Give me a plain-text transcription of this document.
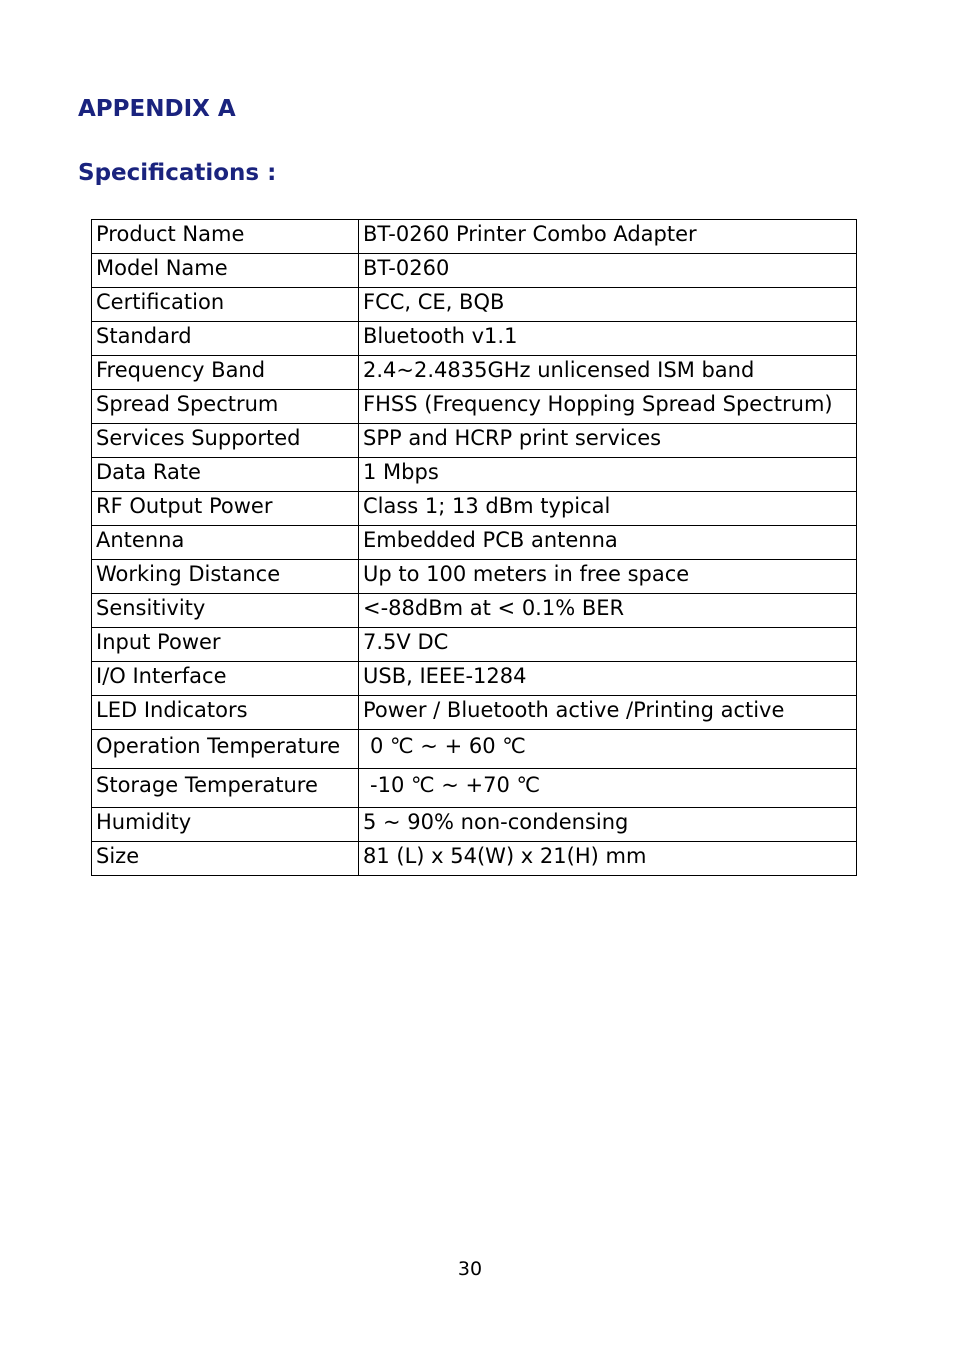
APPENDIX A
Specifications :
Product Name	BT-0260 Printer Combo Adapter
Model Name	BT-0260
Certification	FCC, CE, BQB
Standard	Bluetooth v1.1
Frequency Band	2.4~2.4835GHz unlicensed ISM band
Spread Spectrum	FHSS (Frequency Hopping Spread Spectrum)
Services Supported	SPP and HCRP print services
Data Rate	1 Mbps
RF Output Power	Class 1; 13 dBm typical
Antenna	Embedded PCB antenna
Working Distance	Up to 100 meters in free space
Sensitivity	<-88dBm at < 0.1% BER
Input Power	7.5V DC
I/O Interface	USB, IEEE-1284
LED Indicators	Power / Bluetooth active /Printing active
Operation Temperature	0 ℃ ~ + 60 ℃
Storage Temperature	-10 ℃ ~ +70 ℃
Humidity	5 ~ 90% non-condensing
Size	81 (L) x 54(W) x 21(H) mm
30
